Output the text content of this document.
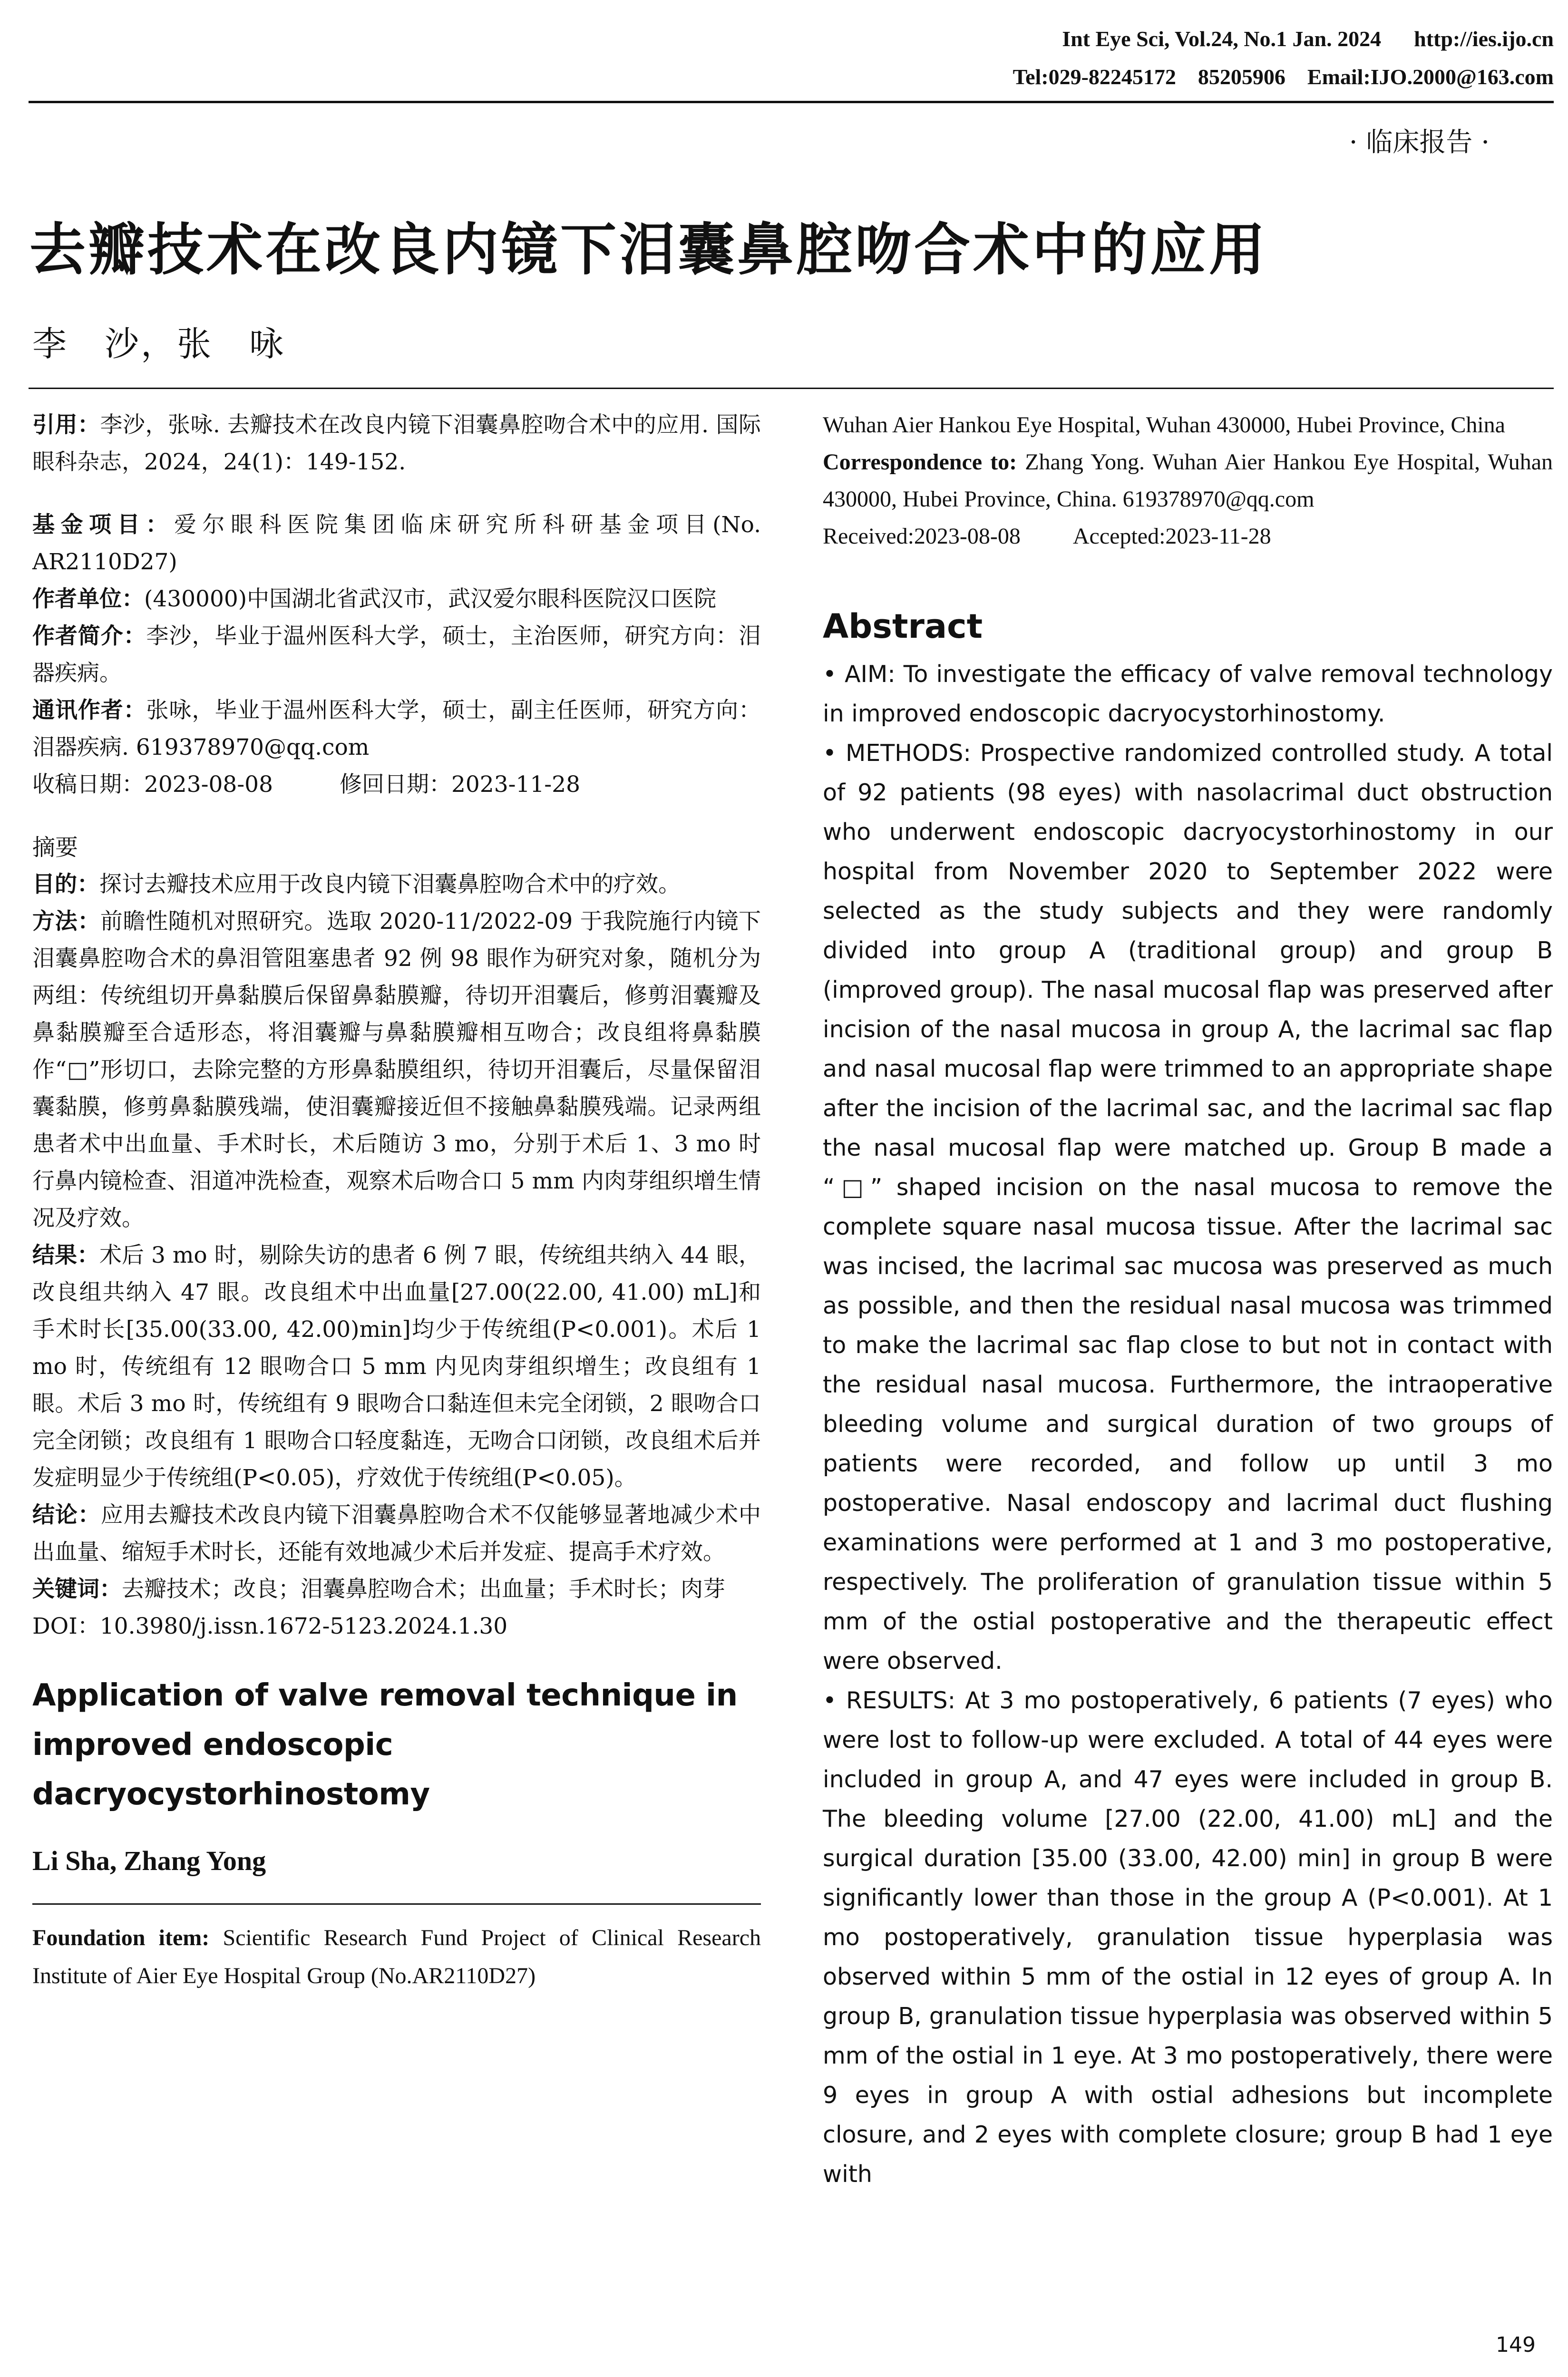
Int Eye Sci, Vol.24, No.1 Jan. 2024      http://ies.ijo.cn
Tel:029-82245172    85205906    Email:IJO.2000@163.com
· 临床报告 ·
去瓣技术在改良内镜下泪囊鼻腔吻合术中的应用
李　沙，张　咏

引用：李沙，张咏. 去瓣技术在改良内镜下泪囊鼻腔吻合术中的应用. 国际眼科杂志，2024，24(1)：149-152.

基金项目：爱尔眼科医院集团临床研究所科研基金项目(No. AR2110D27)

作者单位：(430000)中国湖北省武汉市，武汉爱尔眼科医院汉口医院

作者简介：李沙，毕业于温州医科大学，硕士，主治医师，研究方向：泪器疾病。

通讯作者：张咏，毕业于温州医科大学，硕士，副主任医师，研究方向：泪器疾病. 619378970@qq.com

收稿日期：2023-08-08	修回日期：2023-11-28

摘要

目的：探讨去瓣技术应用于改良内镜下泪囊鼻腔吻合术中的疗效。

方法：前瞻性随机对照研究。选取 2020-11/2022-09 于我院施行内镜下泪囊鼻腔吻合术的鼻泪管阻塞患者 92 例 98 眼作为研究对象，随机分为两组：传统组切开鼻黏膜后保留鼻黏膜瓣，待切开泪囊后，修剪泪囊瓣及鼻黏膜瓣至合适形态，将泪囊瓣与鼻黏膜瓣相互吻合；改良组将鼻黏膜作“□”形切口，去除完整的方形鼻黏膜组织，待切开泪囊后，尽量保留泪囊黏膜，修剪鼻黏膜残端，使泪囊瓣接近但不接触鼻黏膜残端。记录两组患者术中出血量、手术时长，术后随访 3 mo，分别于术后 1、3 mo 时行鼻内镜检查、泪道冲洗检查，观察术后吻合口 5 mm 内肉芽组织增生情况及疗效。

结果：术后 3 mo 时，剔除失访的患者 6 例 7 眼，传统组共纳入 44 眼，改良组共纳入 47 眼。改良组术中出血量[27.00(22.00, 41.00) mL]和手术时长[35.00(33.00, 42.00)min]均少于传统组(P<0.001)。术后 1 mo 时，传统组有 12 眼吻合口 5 mm 内见肉芽组织增生；改良组有 1 眼。术后 3 mo 时，传统组有 9 眼吻合口黏连但未完全闭锁，2 眼吻合口完全闭锁；改良组有 1 眼吻合口轻度黏连，无吻合口闭锁，改良组术后并发症明显少于传统组(P<0.05)，疗效优于传统组(P<0.05)。

结论：应用去瓣技术改良内镜下泪囊鼻腔吻合术不仅能够显著地减少术中出血量、缩短手术时长，还能有效地减少术后并发症、提高手术疗效。

关键词：去瓣技术；改良；泪囊鼻腔吻合术；出血量；手术时长；肉芽

DOI：10.3980/j.issn.1672-5123.2024.1.30

Application of valve removal technique in improved endoscopic dacryocystorhinostomy

Li Sha, Zhang Yong

Foundation item: Scientific Research Fund Project of Clinical Research Institute of Aier Eye Hospital Group (No.AR2110D27)

Wuhan Aier Hankou Eye Hospital, Wuhan 430000, Hubei Province, China

Correspondence to: Zhang Yong. Wuhan Aier Hankou Eye Hospital, Wuhan 430000, Hubei Province, China. 619378970@qq.com

Received:2023-08-08 Accepted:2023-11-28

Abstract

• AIM: To investigate the efficacy of valve removal technology in improved endoscopic dacryocystorhinostomy.

• METHODS: Prospective randomized controlled study. A total of 92 patients (98 eyes) with nasolacrimal duct obstruction who underwent endoscopic dacryocystorhinostomy in our hospital from November 2020 to September 2022 were selected as the study subjects and they were randomly divided into group A (traditional group) and group B (improved group). The nasal mucosal flap was preserved after incision of the nasal mucosa in group A, the lacrimal sac flap and nasal mucosal flap were trimmed to an appropriate shape after the incision of the lacrimal sac, and the lacrimal sac flap the nasal mucosal flap were matched up. Group B made a “□” shaped incision on the nasal mucosa to remove the complete square nasal mucosa tissue. After the lacrimal sac was incised, the lacrimal sac mucosa was preserved as much as possible, and then the residual nasal mucosa was trimmed to make the lacrimal sac flap close to but not in contact with the residual nasal mucosa. Furthermore, the intraoperative bleeding volume and surgical duration of two groups of patients were recorded, and follow up until 3 mo postoperative. Nasal endoscopy and lacrimal duct flushing examinations were performed at 1 and 3 mo postoperative, respectively. The proliferation of granulation tissue within 5 mm of the ostial postoperative and the therapeutic effect were observed.

• RESULTS: At 3 mo postoperatively, 6 patients (7 eyes) who were lost to follow-up were excluded. A total of 44 eyes were included in group A, and 47 eyes were included in group B. The bleeding volume [27.00 (22.00, 41.00) mL] and the surgical duration [35.00 (33.00, 42.00) min] in group B were significantly lower than those in the group A (P<0.001). At 1 mo postoperatively, granulation tissue hyperplasia was observed within 5 mm of the ostial in 12 eyes of group A. In group B, granulation tissue hyperplasia was observed within 5 mm of the ostial in 1 eye. At 3 mo postoperatively, there were 9 eyes in group A with ostial adhesions but incomplete closure, and 2 eyes with complete closure; group B had 1 eye with

149
